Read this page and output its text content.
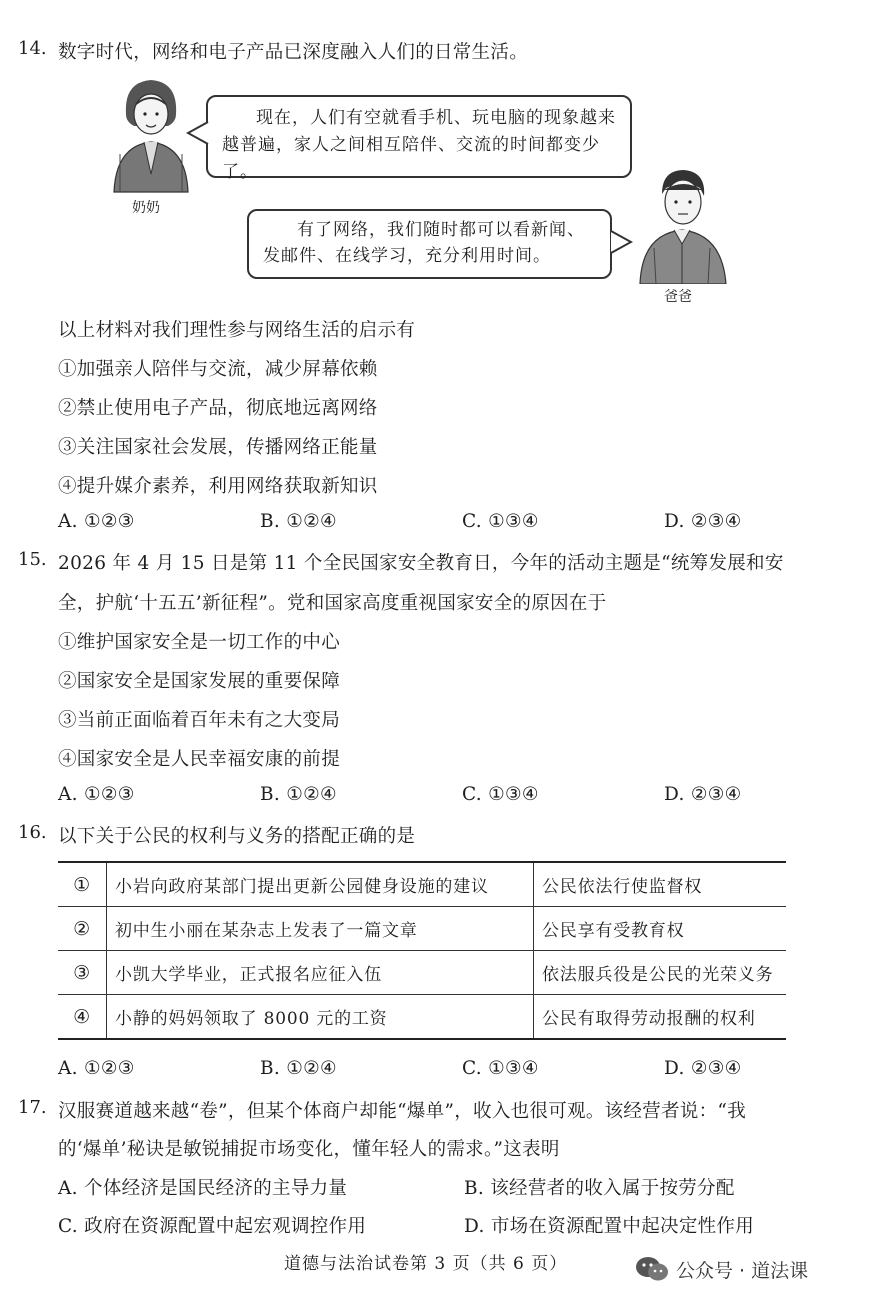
14. 数字时代，网络和电子产品已深度融入人们的日常生活。
奶奶
现在，人们有空就看手机、玩电脑的现象越来越普遍，家人之间相互陪伴、交流的时间都变少了。
爸爸
有了网络，我们随时都可以看新闻、发邮件、在线学习，充分利用时间。
以上材料对我们理性参与网络生活的启示有
①加强亲人陪伴与交流，减少屏幕依赖
②禁止使用电子产品，彻底地远离网络
③关注国家社会发展，传播网络正能量
④提升媒介素养，利用网络获取新知识
A. ①②③	B. ①②④	C. ①③④	D. ②③④
15. 2026 年 4 月 15 日是第 11 个全民国家安全教育日，今年的活动主题是“统筹发展和安
全，护航‘十五五’新征程”。党和国家高度重视国家安全的原因在于
①维护国家安全是一切工作的中心
②国家安全是国家发展的重要保障
③当前正面临着百年未有之大变局
④国家安全是人民幸福安康的前提
A. ①②③	B. ①②④	C. ①③④	D. ②③④
16. 以下关于公民的权利与义务的搭配正确的是
①	小岩向政府某部门提出更新公园健身设施的建议	公民依法行使监督权
②	初中生小丽在某杂志上发表了一篇文章	公民享有受教育权
③	小凯大学毕业，正式报名应征入伍	依法服兵役是公民的光荣义务
④	小静的妈妈领取了 8000 元的工资	公民有取得劳动报酬的权利
A. ①②③	B. ①②④	C. ①③④	D. ②③④
17. 汉服赛道越来越“卷”，但某个体商户却能“爆单”，收入也很可观。该经营者说：“我
的‘爆单’秘诀是敏锐捕捉市场变化，懂年轻人的需求。”这表明
A. 个体经济是国民经济的主导力量	B. 该经营者的收入属于按劳分配
C. 政府在资源配置中起宏观调控作用	D. 市场在资源配置中起决定性作用
道德与法治试卷第 3 页（共 6 页）	公众号 · 道法课
